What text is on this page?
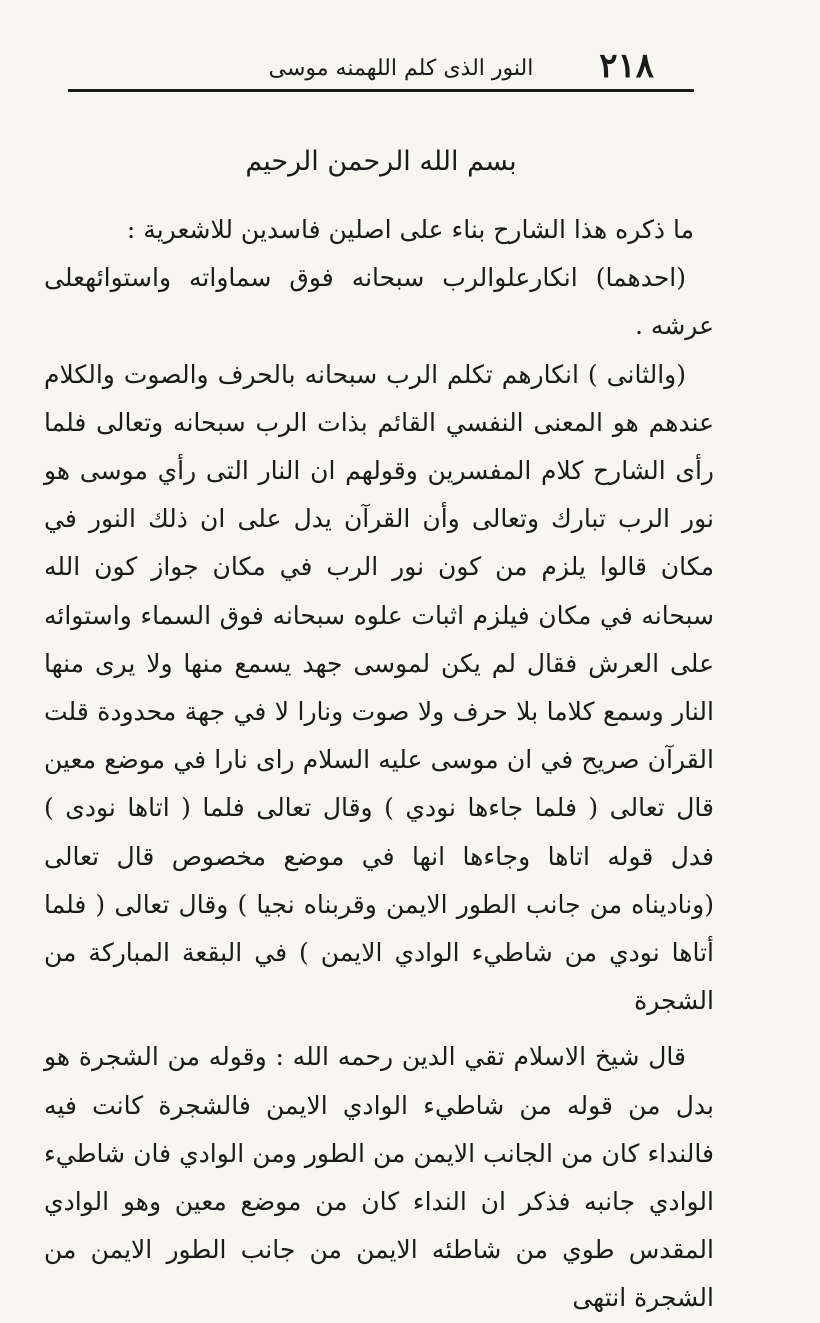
٢١٨
النور الذى كلم اللهمنه موسى
بسم الله الرحمن الرحيم

ما ذكره هذا الشارح بناء على اصلين فاسدين للاشعرية :

(احدهما) انكارعلوالرب سبحانه فوق سماواته واستوائهعلى عرشه .

(والثانى ) انكارهم تكلم الرب سبحانه بالحرف والصوت والكلام عندهم هو المعنى النفسي القائم بذات الرب سبحانه وتعالى فلما رأى الشارح كلام المفسرين وقولهم ان النار التى رأي موسى هو نور الرب تبارك وتعالى وأن القرآن يدل على ان ذلك النور في مكان قالوا يلزم من كون نور الرب في مكان جواز كون الله سبحانه في مكان فيلزم اثبات علوه سبحانه فوق السماء واستوائه على العرش فقال لم يكن لموسى جهد يسمع منها ولا يرى منها النار وسمع كلاما بلا حرف ولا صوت ونارا لا في جهة محدودة قلت القرآن صريح في ان موسى عليه السلام راى نارا في موضع معين قال تعالى ( فلما جاءها نودي ) وقال تعالى فلما ( اتاها نودى ) فدل قوله اتاها وجاءها انها في موضع مخصوص قال تعالى (وناديناه من جانب الطور الايمن وقربناه نجيا ) وقال تعالى ( فلما أتاها نودي من شاطيء الوادي الايمن ) في البقعة المباركة من الشجرة

قال شيخ الاسلام تقي الدين رحمه الله : وقوله من الشجرة هو بدل من قوله من شاطيء الوادي الايمن فالشجرة كانت فيه فالنداء كان من الجانب الايمن من الطور ومن الوادي فان شاطيء الوادي جانبه فذكر ان النداء كان من موضع معين وهو الوادي المقدس طوي من شاطئه الايمن من جانب الطور الايمن من الشجرة انتهى
